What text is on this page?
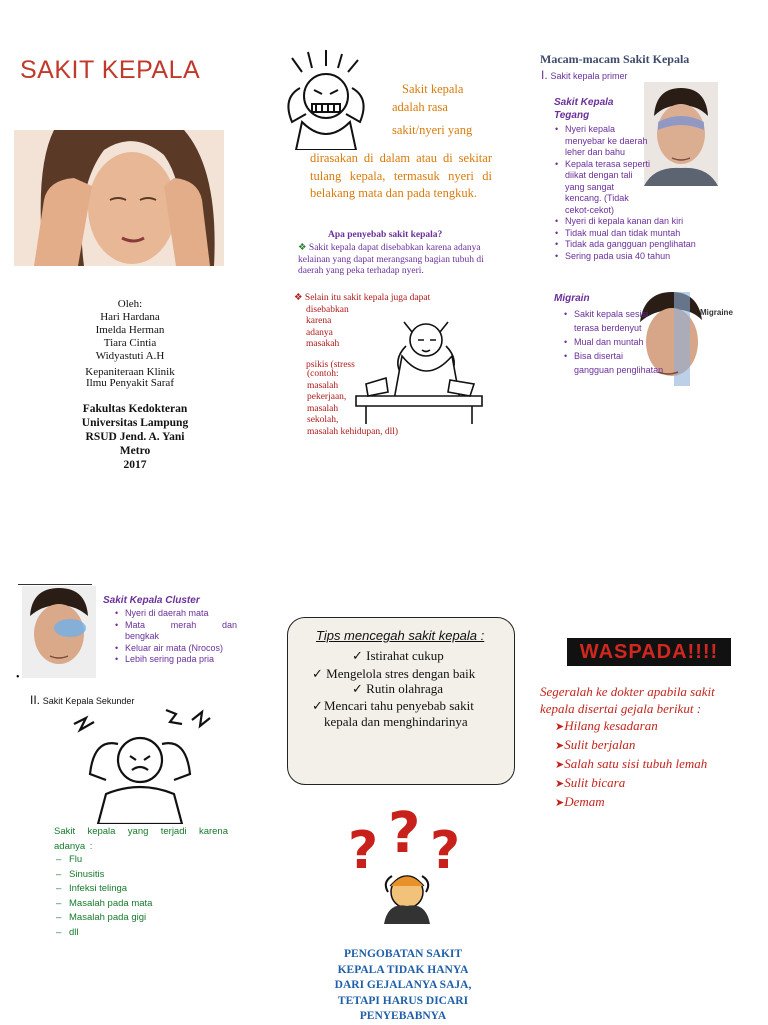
SAKIT KEPALA
Oleh:
Hari Hardana
Imelda Herman
Tiara Cintia
Widyastuti A.H
Kepaniteraan Klinik
Ilmu Penyakit Saraf
Fakultas Kedokteran
Universitas Lampung
RSUD Jend. A. Yani
Metro
2017
Sakit kepala
adalah rasa
sakit/nyeri yang
dirasakan di dalam atau di sekitar tulang kepala, termasuk nyeri di belakang mata dan pada tengkuk.
Apa penyebab sakit kepala?
❖ Sakit kepala dapat disebabkan karena adanya kelainan yang dapat merangsang bagian tubuh di daerah yang peka terhadap nyeri.
❖ Selain itu sakit kepala juga dapat
disebabkan
karena
adanya
masakah
psikis (stress
(contoh:
masalah
pekerjaan,
masalah
sekolah,
masalah kehidupan, dll)
Macam-macam Sakit Kepala
I. Sakit kepala primer
Sakit Kepala
Tegang
• Nyeri kepala menyebar ke daerah leher dan bahu
• Kepala terasa seperti diikat dengan tali yang sangat kencang. (Tidak cekot-cekot)
• Nyeri di kepala kanan dan kiri
• Tidak mual dan tidak muntah
• Tidak ada gangguan penglihatan
• Sering pada usia 40 tahun
Migrain
Migraine
• Sakit kepala sesisi terasa berdenyut
• Mual dan muntah
• Bisa disertai gangguan penglihatan
•
Sakit Kepala Cluster
• Nyeri di daerah mata
• Mata merah dan bengkak
• Keluar air mata (Nrocos)
• Lebih sering pada pria
II. Sakit Kepala Sekunder
Sakit kepala yang terjadi karena adanya :
– Flu
– Sinusitis
– Infeksi telinga
– Masalah pada mata
– Masalah pada gigi
– dll
Tips mencegah sakit kepala :
✓ Istirahat cukup
✓ Mengelola stres dengan baik
✓ Rutin olahraga
✓ Mencari tahu penyebab sakit kepala dan menghindarinya
? ? ?
PENGOBATAN SAKIT
KEPALA TIDAK HANYA
DARI GEJALANYA SAJA,
TETAPI HARUS DICARI
PENYEBABNYA
WASPADA!!!!
Segeralah ke dokter apabila sakit kepala disertai gejala berikut :
➤Hilang kesadaran
➤Sulit berjalan
➤Salah satu sisi tubuh lemah
➤Sulit bicara
➤Demam
